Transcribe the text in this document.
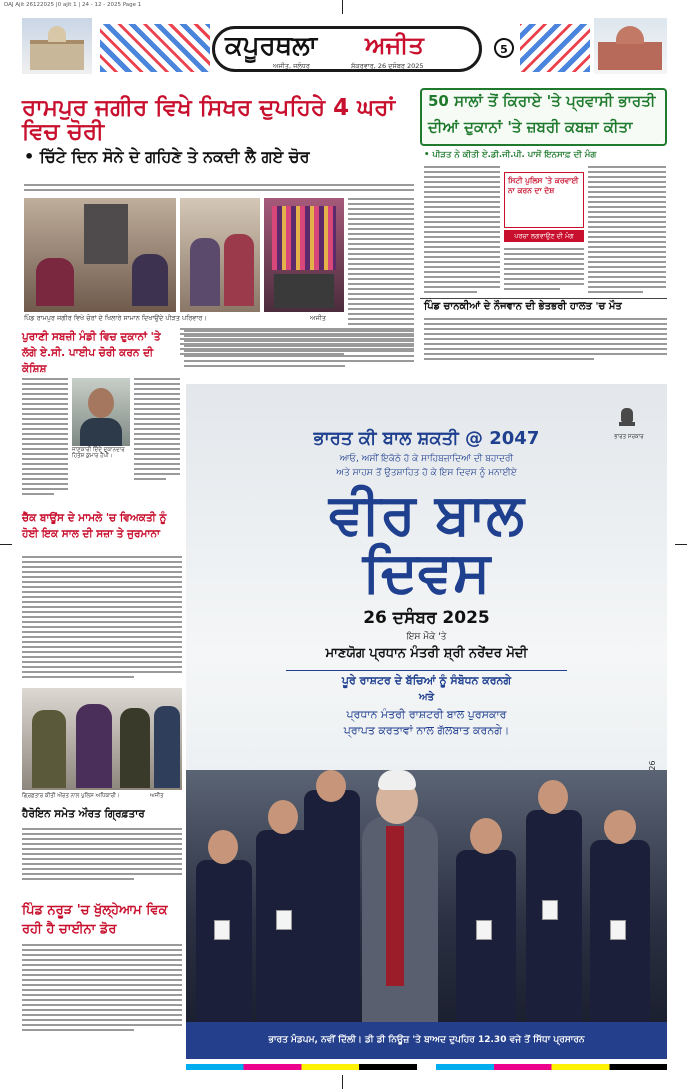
DAJ Ajit 26122025 |0 ajit 1 | 24 - 12 - 2025 Page 1
ਕਪੂਰਥਲਾ	ਅਜੀਤ
ਅਜੀਤ, ਜਲੰਧਰ	ਸ਼ੁੱਕਰਵਾਰ, 26 ਦਸੰਬਰ 2025
5
ਰਾਮਪੁਰ ਜਗੀਰ ਵਿਖੇ ਸਿਖਰ ਦੁਪਹਿਰੇ 4 ਘਰਾਂ ਵਿਚ ਚੋਰੀ
• ਚਿੱਟੇ ਦਿਨ ਸੋਨੇ ਦੇ ਗਹਿਣੇ ਤੇ ਨਕਦੀ ਲੈ ਗਏ ਚੋਰ
ਪਿੰਡ ਰਾਮਪੁਰ ਜਗੀਰ ਵਿਖੇ ਚੋਰਾਂ ਦੇ ਖਿਲਾਰੇ ਸਾਮਾਨ ਦਿਖਾਉਂਦੇ ਪੀੜਤ ਪਰਿਵਾਰ।	ਅਜੀਤ
50 ਸਾਲਾਂ ਤੋਂ ਕਿਰਾਏ 'ਤੇ ਪ੍ਰਵਾਸੀ ਭਾਰਤੀ
ਦੀਆਂ ਦੁਕਾਨਾਂ 'ਤੇ ਜ਼ਬਰੀ ਕਬਜ਼ਾ ਕੀਤਾ
• ਪੀੜਤ ਨੇ ਕੀਤੀ ਏ.ਡੀ.ਜੀ.ਪੀ. ਪਾਸੋਂ ਇਨਸਾਫ਼ ਦੀ ਮੰਗ
ਸਿਟੀ ਪੁਲਿਸ 'ਤੇ ਕਰਵਾਈ ਨਾ ਕਰਨ ਦਾ ਦੋਸ਼
ਪਰਚਾ ਲਗਵਾਉਣ ਦੀ ਮੰਗ
ਪਿੰਡ ਚਾਨਕੀਆਂ ਦੇ ਨੌਜਵਾਨ ਦੀ ਭੇਤਭਰੀ ਹਾਲਤ 'ਚ ਮੌਤ
ਪੁਰਾਣੀ ਸਬਜ਼ੀ ਮੰਡੀ ਵਿਚ ਦੁਕਾਨਾਂ 'ਤੇ ਲੱਗੇ ਏ.ਸੀ. ਪਾਈਪ ਚੋਰੀ ਕਰਨ ਦੀ ਕੋਸ਼ਿਸ਼
ਜਾਣਕਾਰੀ ਦਿੰਦੇ ਦੁਕਾਨਦਾਰ ਹਿਤੇਸ਼ ਕੁਮਾਰ ਹੈਪੀ।
ਚੈੱਕ ਬਾਊਂਸ ਦੇ ਮਾਮਲੇ 'ਚ ਵਿਅਕਤੀ ਨੂੰ ਹੋਈ ਇਕ ਸਾਲ ਦੀ ਸਜ਼ਾ ਤੇ ਜੁਰਮਾਨਾ
ਗ੍ਰਿਫ਼ਤਾਰ ਕੀਤੀ ਔਰਤ ਨਾਲ ਪੁਲਿਸ ਅਧਿਕਾਰੀ।	ਅਜੀਤ
ਹੈਰੋਇਨ ਸਮੇਤ ਔਰਤ ਗ੍ਰਿਫ਼ਤਾਰ
ਪਿੰਡ ਨਰੂੜ 'ਚ ਖੁੱਲ੍ਹੇਆਮ ਵਿਕ ਰਹੀ ਹੈ ਚਾਈਨਾ ਡੋਰ
ਭਾਰਤ ਸਰਕਾਰ
ਭਾਰਤ ਕੀ ਬਾਲ ਸ਼ਕਤੀ @ 2047
ਆਓ, ਅਸੀਂ ਇਕੱਠੇ ਹੋ ਕੇ ਸਾਹਿਬਜ਼ਾਦਿਆਂ ਦੀ ਬਹਾਦਰੀ
ਅਤੇ ਸਾਹਸ ਤੋਂ ਉਤਸ਼ਾਹਿਤ ਹੋ ਕੇ ਇਸ ਦਿਵਸ ਨੂੰ ਮਨਾਈਏ
ਵੀਰ ਬਾਲ
ਦਿਵਸ
26 ਦਸੰਬਰ 2025
ਇਸ ਮੌਕੇ 'ਤੇ
ਮਾਣਯੋਗ ਪ੍ਰਧਾਨ ਮੰਤਰੀ ਸ਼੍ਰੀ ਨਰੇਂਦਰ ਮੋਦੀ
ਪੂਰੇ ਰਾਸ਼ਟਰ ਦੇ ਬੱਚਿਆਂ ਨੂੰ ਸੰਬੋਧਨ ਕਰਨਗੇ
ਅਤੇ
ਪ੍ਰਧਾਨ ਮੰਤਰੀ ਰਾਸ਼ਟਰੀ ਬਾਲ ਪੁਰਸਕਾਰ
ਪ੍ਰਾਪਤ ਕਰਤਾਵਾਂ ਨਾਲ ਗੱਲਬਾਤ ਕਰਨਗੇ।
ਭਾਰਤ ਮੰਡਪਮ, ਨਵੀਂ ਦਿੱਲੀ। ਡੀ ਡੀ ਨਿਊਜ਼ 'ਤੇ ਬਾਅਦ ਦੁਪਹਿਰ 12.30 ਵਜੇ ਤੋਂ ਸਿੱਧਾ ਪ੍ਰਸਾਰਨ
